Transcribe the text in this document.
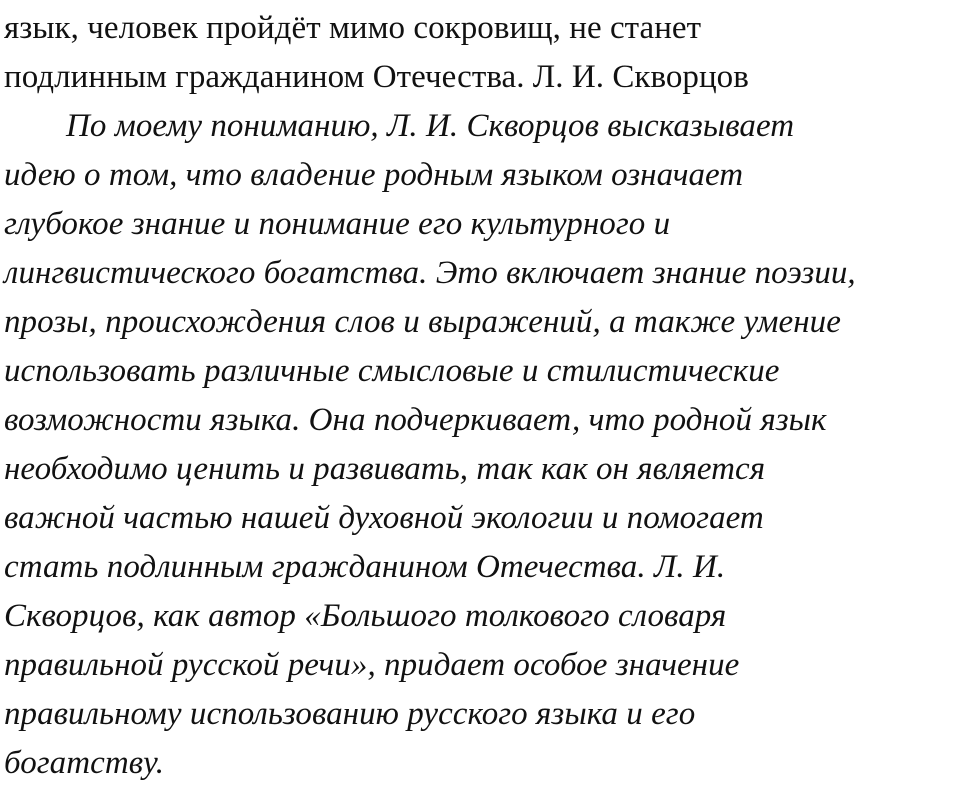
язык, человек пройдёт мимо сокровищ, не станет
подлинным гражданином Отечества. Л. И. Скворцов
По моему пониманию, Л. И. Скворцов высказывает
идею о том, что владение родным языком означает
глубокое знание и понимание его культурного и
лингвистического богатства. Это включает знание поэзии,
прозы, происхождения слов и выражений, а также умение
использовать различные смысловые и стилистические
возможности языка. Она подчеркивает, что родной язык
необходимо ценить и развивать, так как он является
важной частью нашей духовной экологии и помогает
стать подлинным гражданином Отечества. Л. И.
Скворцов, как автор «Большого толкового словаря
правильной русской речи», придает особое значение
правильному использованию русского языка и его
богатству.
